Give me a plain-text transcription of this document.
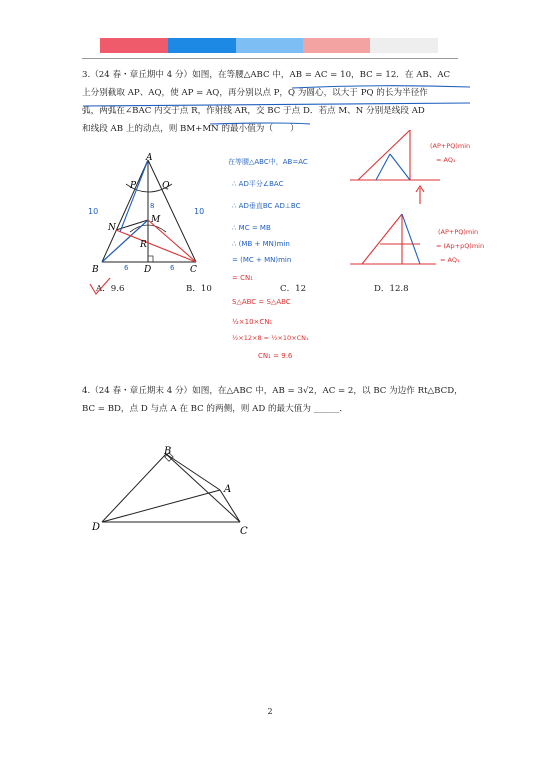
3.（24 春・章丘期中 4 分）如图，在等腰△ABC 中，AB = AC = 10，BC = 12．在 AB、AC
上分别截取 AP、AQ，使 AP = AQ，再分别以点 P，Q 为圆心，以大于 PQ 的长为半径作
弧，两弧在∠BAC 内交于点 R，作射线 AR，交 BC 于点 D．若点 M、N 分别是线段 AD
和线段 AB 上的动点，则 BM+MN 的最小值为（　　）
A
B	C
D
P	Q
R
M
N
10	10
6	6
8
A．9.6	B．10	C．12	D．12.8
在等腰△ABC中，AB=AC
∴ AD平分∠BAC
∴ AD垂直BC AD⊥BC
∴ MC = MB
∴ (MB + MN)min
= (MC + MN)min
= CN₁
S△ABC = S△ABC
½×10×CN₁
½×12×8 = ½×10×CN₁
CN₁ = 9.6
(AP+PQ)min
= AQ₁
(AP+PQ)min
= (Ap+pQ)min
= AQ₁
4.（24 春・章丘期末 4 分）如图，在△ABC 中，AB = 3√2，AC = 2，以 BC 为边作 Rt△BCD，
BC = BD，点 D 与点 A 在 BC 的两侧，则 AD 的最大值为 ______．
B
A
D	C
2
